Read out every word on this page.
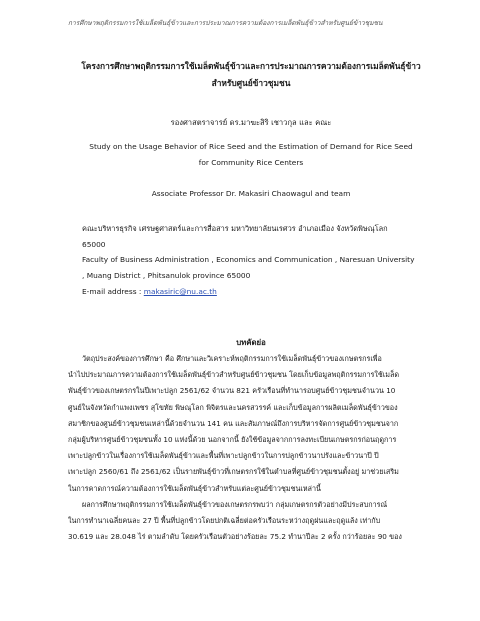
การศึกษาพฤติกรรมการใช้เมล็ดพันธุ์ข้าวและการประมาณการความต้องการเมล็ดพันธุ์ข้าวสำหรับศูนย์ข้าวชุมชน
โครงการศึกษาพฤติกรรมการใช้เมล็ดพันธุ์ข้าวและการประมาณการความต้องการเมล็ดพันธุ์ข้าว
สำหรับศูนย์ข้าวชุมชน
รองศาสตราจารย์ ดร.มาฆะสิริ เชาวกุล และ คณะ
Study on the Usage Behavior of Rice Seed and the Estimation of Demand for Rice Seed
for Community Rice Centers
Associate Professor Dr. Makasiri Chaowagul and team
คณะบริหารธุรกิจ เศรษฐศาสตร์และการสื่อสาร มหาวิทยาลัยนเรศวร อำเภอเมือง จังหวัดพิษณุโลก
65000
Faculty of Business Administration , Economics and Communication , Naresuan University
, Muang District , Phitsanulok province 65000
E-mail address : makasiric@nu.ac.th
บทคัดย่อ
วัตถุประสงค์ของการศึกษา คือ ศึกษาและวิเคราะห์พฤติกรรมการใช้เมล็ดพันธุ์ข้าวของเกษตรกรเพื่อ
นำไปประมาณการความต้องการใช้เมล็ดพันธุ์ข้าวสำหรับศูนย์ข้าวชุมชน โดยเก็บข้อมูลพฤติกรรมการใช้เมล็ด
พันธุ์ข้าวของเกษตรกรในปีเพาะปลูก 2561/62 จำนวน 821 ครัวเรือนที่ทำนารอบศูนย์ข้าวชุมชนจำนวน 10
ศูนย์ในจังหวัดกำแพงเพชร สุโขทัย พิษณุโลก พิจิตรและนครสวรรค์ และเก็บข้อมูลการผลิตเมล็ดพันธุ์ข้าวของ
สมาชิกของศูนย์ข้าวชุมชนเหล่านี้ด้วยจำนวน 141 คน และสัมภาษณ์ถึงการบริหารจัดการศูนย์ข้าวชุมชนจาก
กลุ่มผู้บริหารศูนย์ข้าวชุมชนทั้ง 10 แห่งนี้ด้วย นอกจากนี้ ยังใช้ข้อมูลจากการลงทะเบียนเกษตรกรก่อนฤดูการ
เพาะปลูกข้าวในเรื่องการใช้เมล็ดพันธุ์ข้าวและพื้นที่เพาะปลูกข้าวในการปลูกข้าวนาปรังและข้าวนาปี ปี
เพาะปลูก 2560/61 ถึง 2561/62 เป็นรายพันธุ์ข้าวที่เกษตรกรใช้ในตำบลที่ศูนย์ข้าวชุมชนตั้งอยู่ มาช่วยเสริม
ในการคาดการณ์ความต้องการใช้เมล็ดพันธุ์ข้าวสำหรับแต่ละศูนย์ข้าวชุมชนเหล่านี้
ผลการศึกษาพฤติกรรมการใช้เมล็ดพันธุ์ข้าวของเกษตรกรพบว่า กลุ่มเกษตรกรตัวอย่างมีประสบการณ์
ในการทำนาเฉลี่ยคนละ 27 ปี พื้นที่ปลูกข้าวโดยปกติเฉลี่ยต่อครัวเรือนระหว่างฤดูฝนและฤดูแล้ง เท่ากับ
30.619 และ 28.048 ไร่ ตามลำดับ โดยครัวเรือนตัวอย่างร้อยละ 75.2 ทำนาปีละ 2 ครั้ง กว่าร้อยละ 90 ของ
